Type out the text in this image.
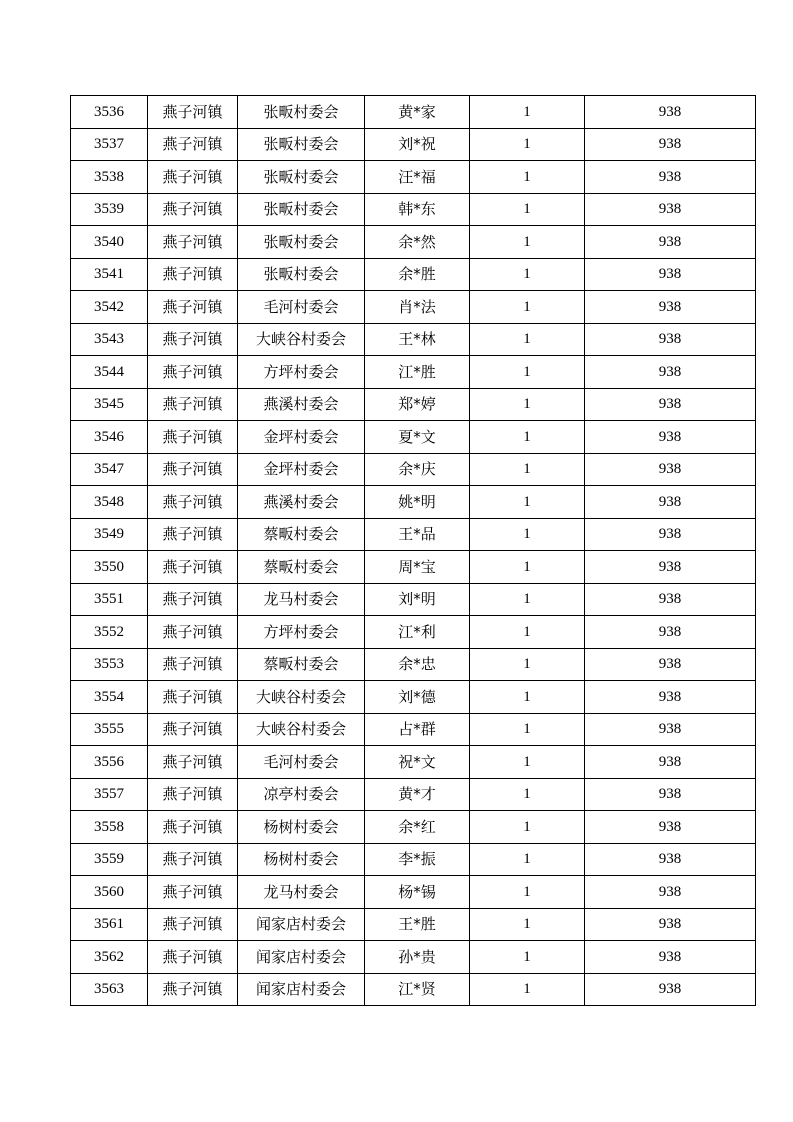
3536	燕子河镇	张畈村委会	黄*家	1	938
3537	燕子河镇	张畈村委会	刘*祝	1	938
3538	燕子河镇	张畈村委会	汪*福	1	938
3539	燕子河镇	张畈村委会	韩*东	1	938
3540	燕子河镇	张畈村委会	余*然	1	938
3541	燕子河镇	张畈村委会	余*胜	1	938
3542	燕子河镇	毛河村委会	肖*法	1	938
3543	燕子河镇	大峡谷村委会	王*林	1	938
3544	燕子河镇	方坪村委会	江*胜	1	938
3545	燕子河镇	燕溪村委会	郑*婷	1	938
3546	燕子河镇	金坪村委会	夏*文	1	938
3547	燕子河镇	金坪村委会	余*庆	1	938
3548	燕子河镇	燕溪村委会	姚*明	1	938
3549	燕子河镇	蔡畈村委会	王*品	1	938
3550	燕子河镇	蔡畈村委会	周*宝	1	938
3551	燕子河镇	龙马村委会	刘*明	1	938
3552	燕子河镇	方坪村委会	江*利	1	938
3553	燕子河镇	蔡畈村委会	余*忠	1	938
3554	燕子河镇	大峡谷村委会	刘*德	1	938
3555	燕子河镇	大峡谷村委会	占*群	1	938
3556	燕子河镇	毛河村委会	祝*文	1	938
3557	燕子河镇	凉亭村委会	黄*才	1	938
3558	燕子河镇	杨树村委会	余*红	1	938
3559	燕子河镇	杨树村委会	李*振	1	938
3560	燕子河镇	龙马村委会	杨*锡	1	938
3561	燕子河镇	闻家店村委会	王*胜	1	938
3562	燕子河镇	闻家店村委会	孙*贵	1	938
3563	燕子河镇	闻家店村委会	江*贤	1	938
